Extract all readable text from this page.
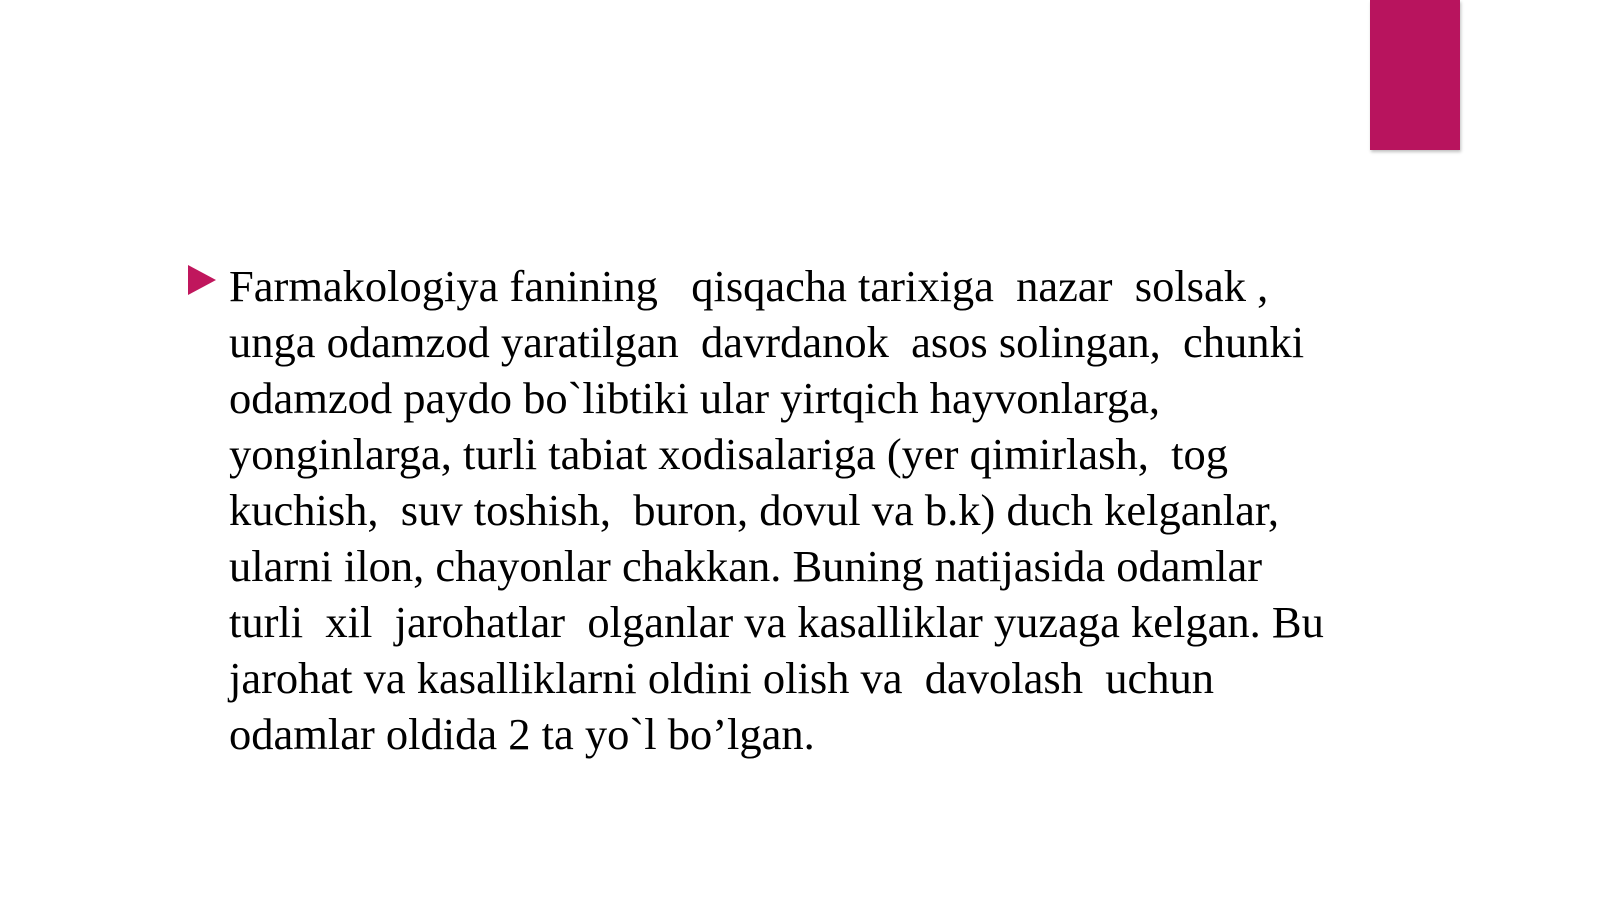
Farmakologiya fanining   qisqacha tarixiga  nazar  solsak ,
unga odamzod yaratilgan  davrdanok  asos solingan,  chunki
odamzod paydo bo`libtiki ular yirtqich hayvonlarga,
yonginlarga, turli tabiat xodisalariga (yer qimirlash,  tog
kuchish,  suv toshish,  buron, dovul va b.k) duch kelganlar,
ularni ilon, chayonlar chakkan. Buning natijasida odamlar
turli  xil  jarohatlar  olganlar va kasalliklar yuzaga kelgan. Bu
jarohat va kasalliklarni oldini olish va  davolash  uchun
odamlar oldida 2 ta yo`l bo’lgan.
